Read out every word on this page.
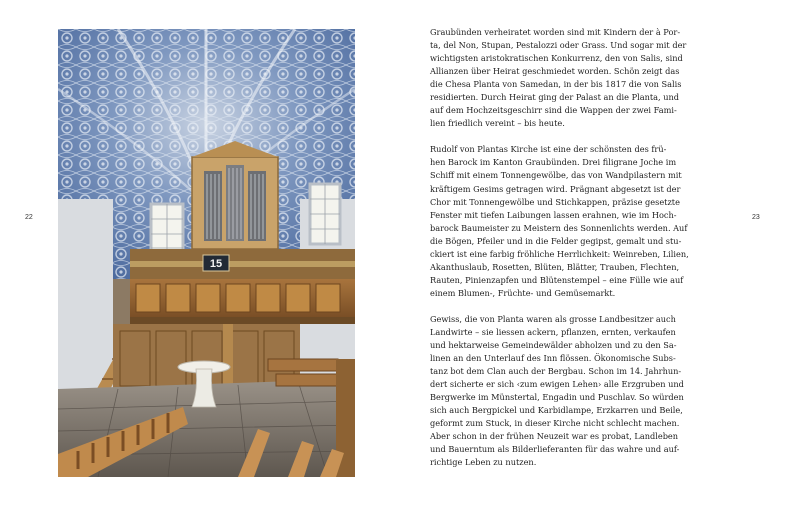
22	23
15

Graubünden verheiratet worden sind mit Kindern der à Por-
ta, del Non, Stupan, Pestalozzi oder Grass. Und sogar mit der
wichtigsten aristokratischen Konkurrenz, den von Salis, sind
Allianzen über Heirat geschmiedet worden. Schön zeigt das
die Chesa Planta von Samedan, in der bis 1817 die von Salis
residierten. Durch Heirat ging der Palast an die Planta, und
auf dem Hochzeitsgeschirr sind die Wappen der zwei Fami-
lien friedlich vereint – bis heute.

Rudolf von Plantas Kirche ist eine der schönsten des frü-
hen Barock im Kanton Graubünden. Drei filigrane Joche im
Schiff mit einem Tonnengewölbe, das von Wandpilastern mit
kräftigem Gesims getragen wird. Prägnant abgesetzt ist der
Chor mit Tonnengewölbe und Stichkappen, präzise gesetzte
Fenster mit tiefen Laibungen lassen erahnen, wie im Hoch-
barock Baumeister zu Meistern des Sonnenlichts werden. Auf
die Bögen, Pfeiler und in die Felder gegipst, gemalt und stu-
ckiert ist eine farbig fröhliche Herrlichkeit: Weinreben, Lilien,
Akanthuslaub, Rosetten, Blüten, Blätter, Trauben, Flechten,
Rauten, Pinienzapfen und Blütenstempel – eine Fülle wie auf
einem Blumen-, Früchte- und Gemüsemarkt.

Gewiss, die von Planta waren als grosse Landbesitzer auch
Landwirte – sie liessen ackern, pflanzen, ernten, verkaufen
und hektarweise Gemeindewälder abholzen und zu den Sa-
linen an den Unterlauf des Inn flössen. Ökonomische Subs-
tanz bot dem Clan auch der Bergbau. Schon im 14. Jahrhun-
dert sicherte er sich ‹zum ewigen Lehen› alle Erzgruben und
Bergwerke im Münstertal, Engadin und Puschlav. So würden
sich auch Bergpickel und Karbidlampe, Erzkarren und Beile,
geformt zum Stuck, in dieser Kirche nicht schlecht machen.
Aber schon in der frühen Neuzeit war es probat, Landleben
und Bauerntum als Bilderlieferanten für das wahre und auf-
richtige Leben zu nutzen.
